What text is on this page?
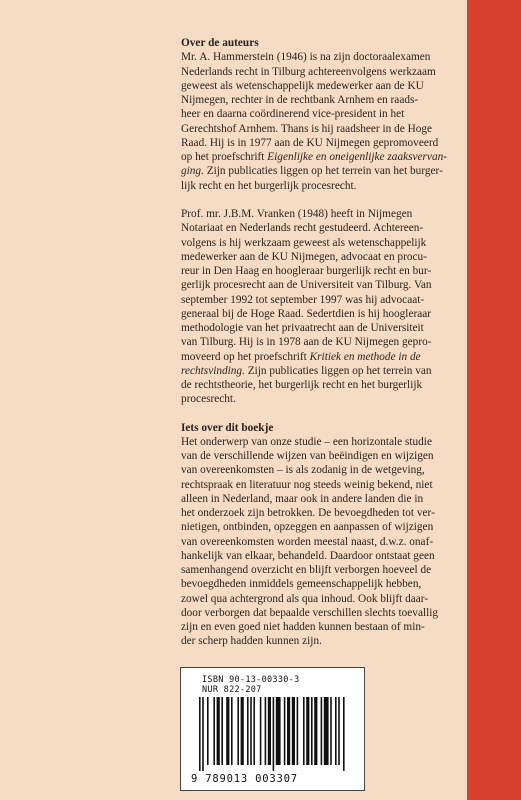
Over de auteurs

Mr. A. Hammerstein (1946) is na zijn doctoraalexamen
Nederlands recht in Tilburg achtereenvolgens werkzaam
geweest als wetenschappelijk medewerker aan de KU
Nijmegen, rechter in de rechtbank Arnhem en raads-
heer en daarna coördinerend vice-president in het
Gerechtshof Arnhem. Thans is hij raadsheer in de Hoge
Raad. Hij is in 1977 aan de KU Nijmegen gepromoveerd
op het proefschrift Eigenlijke en oneigenlijke zaaksvervan-
ging. Zijn publicaties liggen op het terrein van het burger-
lijk recht en het burgerlijk procesrecht.

Prof. mr. J.B.M. Vranken (1948) heeft in Nijmegen
Notariaat en Nederlands recht gestudeerd. Achtereen-
volgens is hij werkzaam geweest als wetenschappelijk
medewerker aan de KU Nijmegen, advocaat en procu-
reur in Den Haag en hoogleraar burgerlijk recht en bur-
gerlijk procesrecht aan de Universiteit van Tilburg. Van
september 1992 tot september 1997 was hij advocaat-
generaal bij de Hoge Raad. Sedertdien is hij hoogleraar
methodologie van het privaatrecht aan de Universiteit
van Tilburg. Hij is in 1978 aan de KU Nijmegen gepro-
moveerd op het proefschrift Kritiek en methode in de
rechtsvinding. Zijn publicaties liggen op het terrein van
de rechtstheorie, het burgerlijk recht en het burgerlijk
procesrecht.

Iets over dit boekje

Het onderwerp van onze studie – een horizontale studie
van de verschillende wijzen van beëindigen en wijzigen
van overeenkomsten – is als zodanig in de wetgeving,
rechtspraak en literatuur nog steeds weinig bekend, niet
alleen in Nederland, maar ook in andere landen die in
het onderzoek zijn betrokken. De bevoegdheden tot ver-
nietigen, ontbinden, opzeggen en aanpassen of wijzigen
van overeenkomsten worden meestal naast, d.w.z. onaf-
hankelijk van elkaar, behandeld. Daardoor ontstaat geen
samenhangend overzicht en blijft verborgen hoeveel de
bevoegdheden inmiddels gemeenschappelijk hebben,
zowel qua achtergrond als qua inhoud. Ook blijft daar-
door verborgen dat bepaalde verschillen slechts toevallig
zijn en even goed niet hadden kunnen bestaan of min-
der scherp hadden kunnen zijn.

ISBN 90-13-00330-3
NUR 822-207
9 789013 003307
